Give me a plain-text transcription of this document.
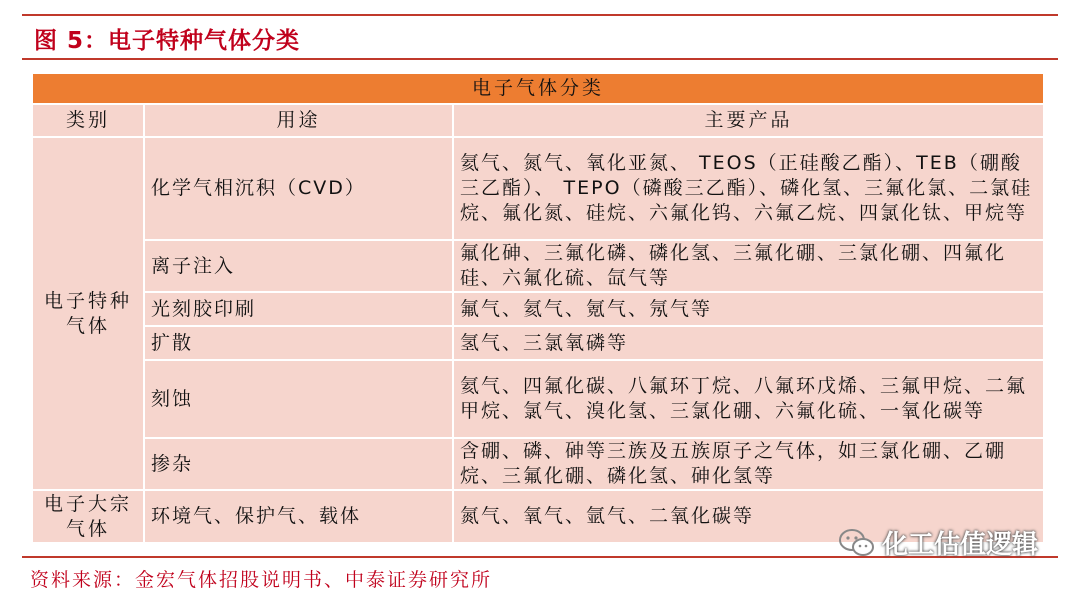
图 5：电子特种气体分类
电子气体分类		
类别	用途	主要产品
电子特种气体	化学气相沉积（CVD）	氦气、氮气、氧化亚氮、 TEOS（正硅酸乙酯）、TEB（硼酸三乙酯）、 TEPO（磷酸三乙酯）、磷化氢、三氟化氯、二氯硅烷、氟化氮、硅烷、六氟化钨、六氟乙烷、四氯化钛、甲烷等
	离子注入	氟化砷、三氟化磷、磷化氢、三氟化硼、三氯化硼、四氟化硅、六氟化硫、氙气等
	光刻胶印刷	氟气、氦气、氪气、氖气等
	扩散	氢气、三氯氧磷等
	刻蚀	氦气、四氟化碳、八氟环丁烷、八氟环戊烯、三氟甲烷、二氟甲烷、氯气、溴化氢、三氯化硼、六氟化硫、一氧化碳等
	掺杂	含硼、磷、砷等三族及五族原子之气体，如三氯化硼、乙硼烷、三氟化硼、磷化氢、砷化氢等
电子大宗气体	环境气、保护气、载体	氮气、氧气、氩气、二氧化碳等
资料来源：金宏气体招股说明书、中泰证券研究所
化工估值逻辑
